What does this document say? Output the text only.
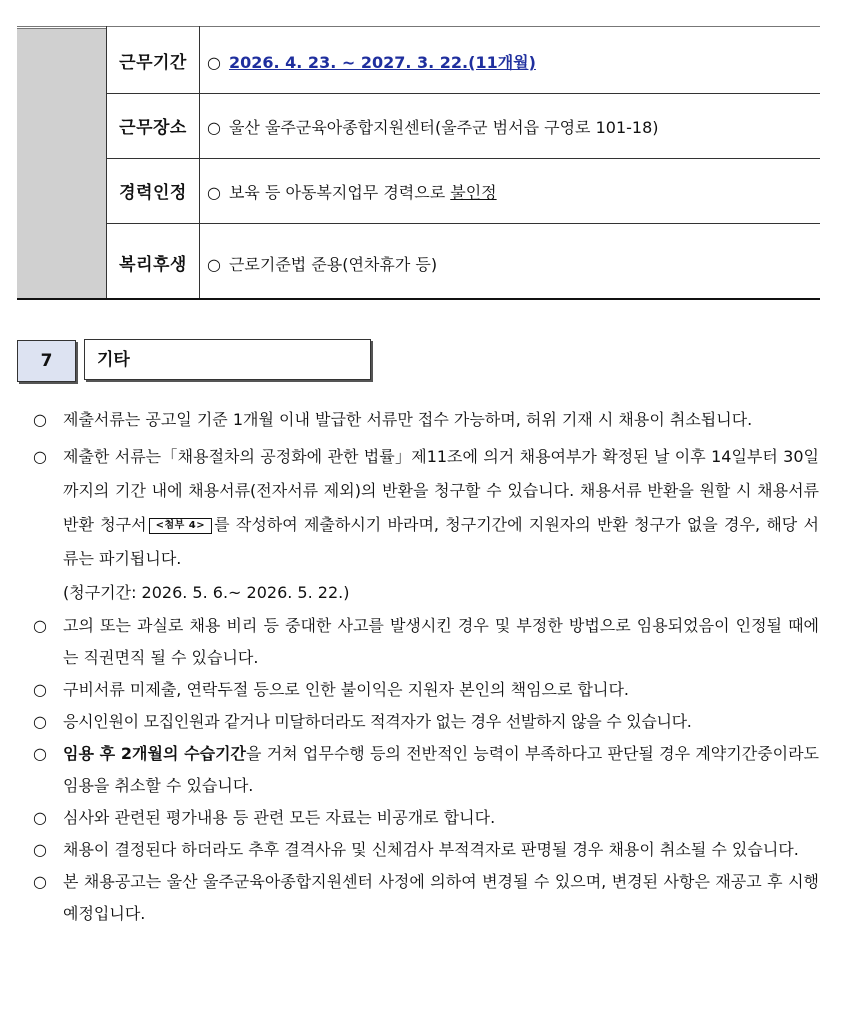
근무기간	○ 2026. 4. 23. ~ 2027. 3. 22.(11개월)
근무장소	○ 울산 울주군육아종합지원센터(울주군 범서읍 구영로 101-18)
경력인정	○ 보육 등 아동복지업무 경력으로 불인정
복리후생	○ 근로기준법 준용(연차휴가 등)
7	기타
○ 제출서류는 공고일 기준 1개월 이내 발급한 서류만 접수 가능하며, 허위 기재 시 채용이 취소됩니다.
○ 제출한 서류는「채용절차의 공정화에 관한 법률」제11조에 의거 채용여부가 확정된 날 이후 14일부터 30일까지의 기간 내에 채용서류(전자서류 제외)의 반환을 청구할 수 있습니다. 채용서류 반환을 원할 시 채용서류 반환 청구서 <첨부 4> 를 작성하여 제출하시기 바라며, 청구기간에 지원자의 반환 청구가 없을 경우, 해당 서류는 파기됩니다.
(청구기간: 2026. 5. 6.~ 2026. 5. 22.)
○ 고의 또는 과실로 채용 비리 등 중대한 사고를 발생시킨 경우 및 부정한 방법으로 임용되었음이 인정될 때에는 직권면직 될 수 있습니다.
○ 구비서류 미제출, 연락두절 등으로 인한 불이익은 지원자 본인의 책임으로 합니다.
○ 응시인원이 모집인원과 같거나 미달하더라도 적격자가 없는 경우 선발하지 않을 수 있습니다.
○ 임용 후 2개월의 수습기간을 거쳐 업무수행 등의 전반적인 능력이 부족하다고 판단될 경우 계약기간중이라도 임용을 취소할 수 있습니다.
○ 심사와 관련된 평가내용 등 관련 모든 자료는 비공개로 합니다.
○ 채용이 결정된다 하더라도 추후 결격사유 및 신체검사 부적격자로 판명될 경우 채용이 취소될 수 있습니다.
○ 본 채용공고는 울산 울주군육아종합지원센터 사정에 의하여 변경될 수 있으며, 변경된 사항은 재공고 후 시행 예정입니다.
